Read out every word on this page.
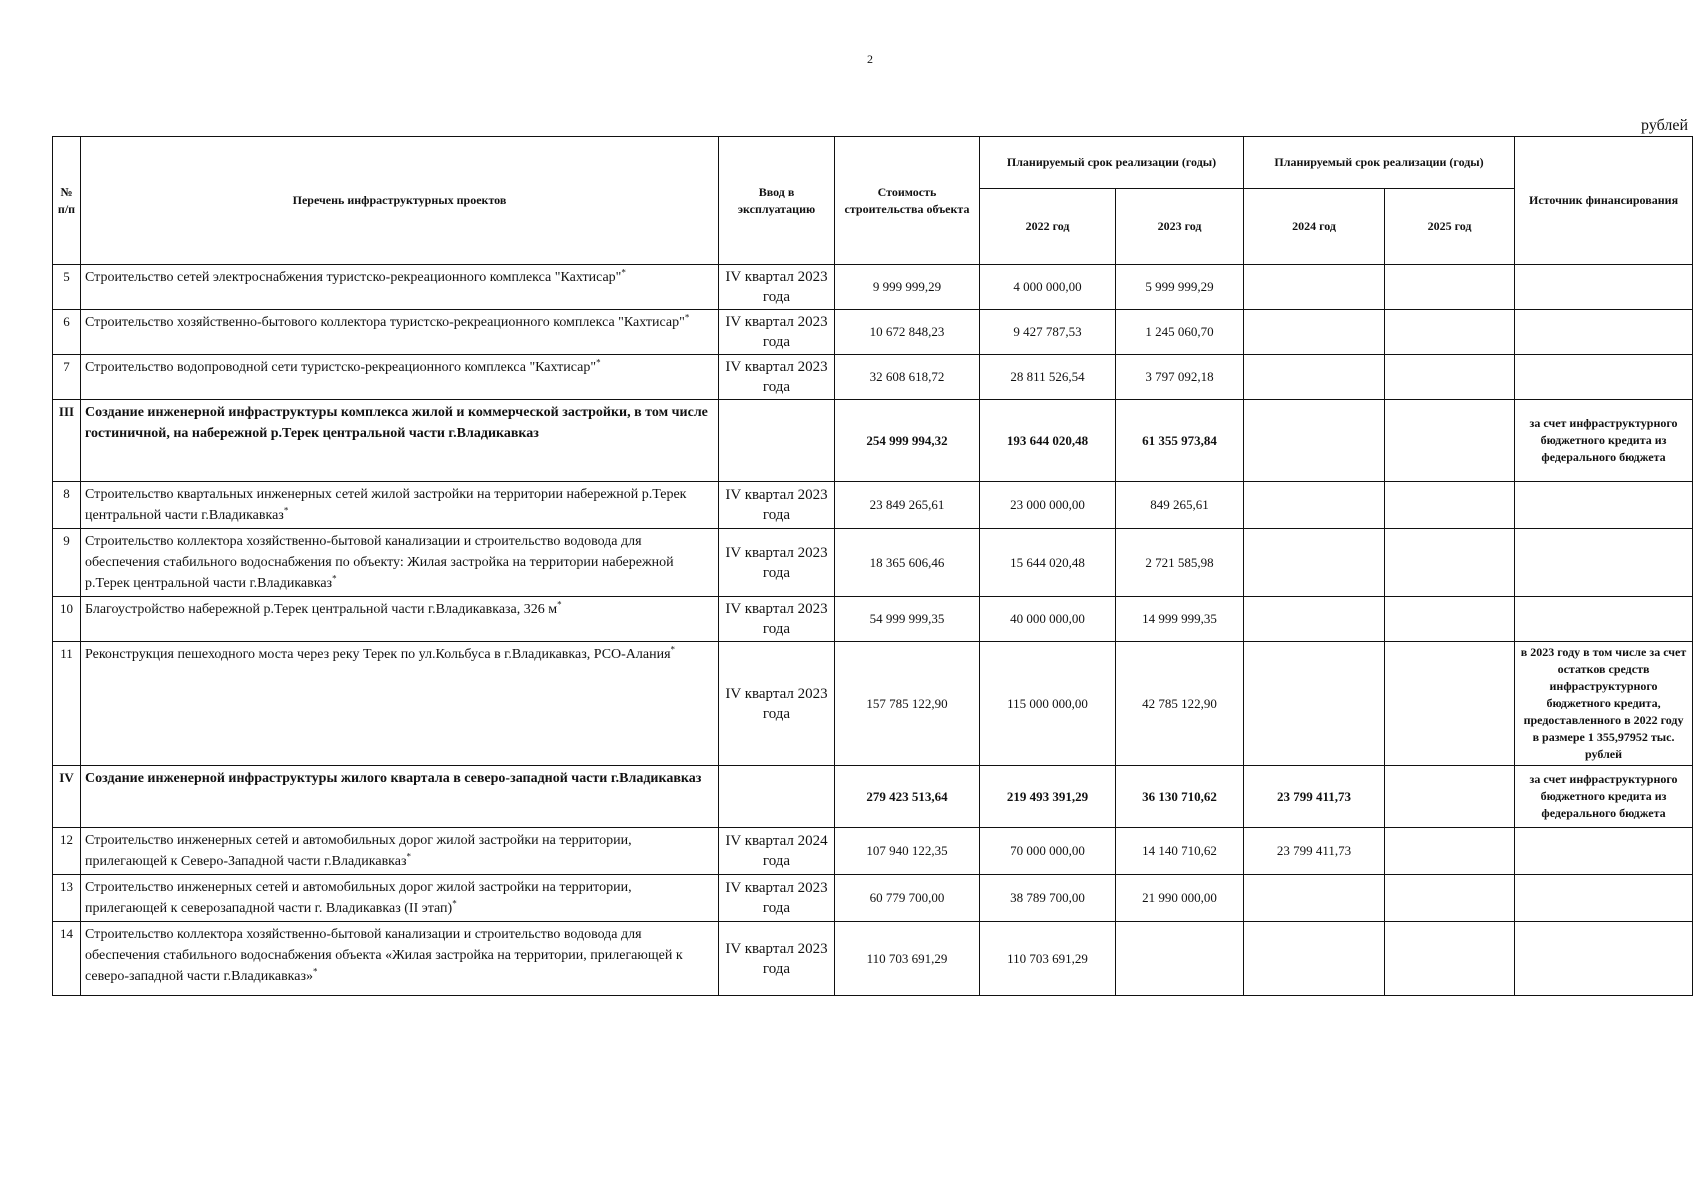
2
рублей
№ п/п	Перечень инфраструктурных проектов	Ввод в эксплуатацию	Стоимость строительства объекта	Планируемый срок реализации (годы)		Планируемый срок реализации (годы)		Источник финансирования
				2022 год	2023 год	2024 год	2025 год	
5	Строительство сетей электроснабжения туристско-рекреационного комплекса "Кахтисар"*	IV квартал 2023 года	9 999 999,29	4 000 000,00	5 999 999,29			
6	Строительство хозяйственно-бытового коллектора туристско-рекреационного комплекса "Кахтисар"*	IV квартал 2023 года	10 672 848,23	9 427 787,53	1 245 060,70			
7	Строительство водопроводной сети туристско-рекреационного комплекса "Кахтисар"*	IV квартал 2023 года	32 608 618,72	28 811 526,54	3 797 092,18			
III	Создание инженерной инфраструктуры комплекса жилой и коммерческой застройки, в том числе гостиничной, на набережной р.Терек центральной части г.Владикавказ		254 999 994,32	193 644 020,48	61 355 973,84			за счет инфраструктурного бюджетного кредита из федерального бюджета
8	Строительство квартальных инженерных сетей жилой застройки на территории набережной р.Терек центральной части г.Владикавказ*	IV квартал 2023 года	23 849 265,61	23 000 000,00	849 265,61			
9	Строительство коллектора хозяйственно-бытовой канализации и строительство водовода для обеспечения стабильного водоснабжения по объекту: Жилая застройка на территории набережной р.Терек центральной части г.Владикавказ*	IV квартал 2023 года	18 365 606,46	15 644 020,48	2 721 585,98			
10	Благоустройство набережной р.Терек центральной части г.Владикавказа, 326 м*	IV квартал 2023 года	54 999 999,35	40 000 000,00	14 999 999,35			
11	Реконструкция пешеходного моста через реку Терек по ул.Кольбуса в г.Владикавказ, РСО-Алания*	IV квартал 2023 года	157 785 122,90	115 000 000,00	42 785 122,90			в 2023 году в том числе за счет остатков средств инфраструктурного бюджетного кредита, предоставленного в 2022 году в размере 1 355,97952 тыс. рублей
IV	Создание инженерной инфраструктуры жилого квартала в северо-западной части г.Владикавказ		279 423 513,64	219 493 391,29	36 130 710,62	23 799 411,73		за счет инфраструктурного бюджетного кредита из федерального бюджета
12	Строительство инженерных сетей и автомобильных дорог жилой застройки на территории, прилегающей к Северо-Западной части г.Владикавказ*	IV квартал 2024 года	107 940 122,35	70 000 000,00	14 140 710,62	23 799 411,73		
13	Строительство инженерных сетей и автомобильных дорог жилой застройки на территории, прилегающей к северозападной части г. Владикавказ (II этап)*	IV квартал 2023 года	60 779 700,00	38 789 700,00	21 990 000,00			
14	Строительство коллектора хозяйственно-бытовой канализации и строительство водовода для обеспечения стабильного водоснабжения объекта «Жилая застройка на территории, прилегающей к северо-западной части г.Владикавказ»*	IV квартал 2023 года	110 703 691,29	110 703 691,29				
